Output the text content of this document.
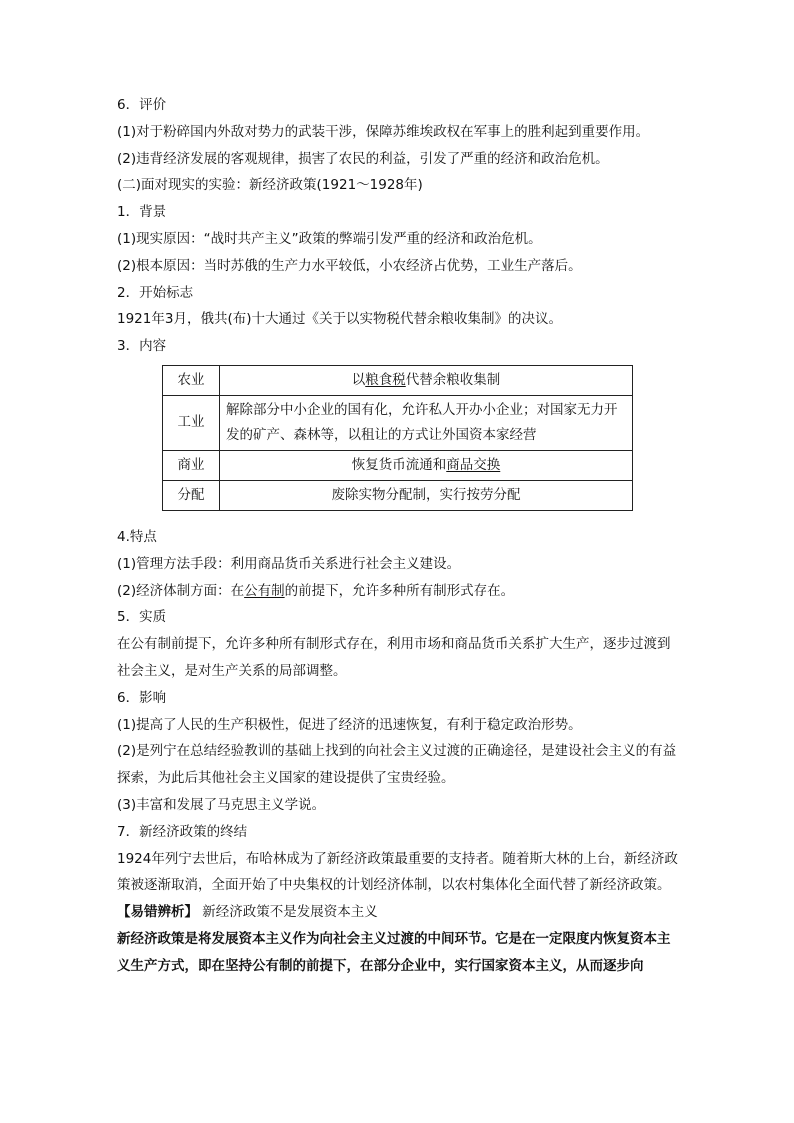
6．评价

(1)对于粉碎国内外敌对势力的武装干涉，保障苏维埃政权在军事上的胜利起到重要作用。

(2)违背经济发展的客观规律，损害了农民的利益，引发了严重的经济和政治危机。

(二)面对现实的实验：新经济政策(1921～1928年)

1．背景

(1)现实原因：“战时共产主义”政策的弊端引发严重的经济和政治危机。

(2)根本原因：当时苏俄的生产力水平较低，小农经济占优势，工业生产落后。

2．开始标志

1921年3月，俄共(布)十大通过《关于以实物税代替余粮收集制》的决议。

3．内容

农业	以粮食税代替余粮收集制
工业	解除部分中小企业的国有化，允许私人开办小企业；对国家无力开发的矿产、森林等，以租让的方式让外国资本家经营
商业	恢复货币流通和商品交换
分配	废除实物分配制，实行按劳分配

4.特点

(1)管理方法手段：利用商品货币关系进行社会主义建设。

(2)经济体制方面：在公有制的前提下，允许多种所有制形式存在。

5．实质

在公有制前提下，允许多种所有制形式存在，利用市场和商品货币关系扩大生产，逐步过渡到社会主义，是对生产关系的局部调整。

6．影响

(1)提高了人民的生产积极性，促进了经济的迅速恢复，有利于稳定政治形势。

(2)是列宁在总结经验教训的基础上找到的向社会主义过渡的正确途径，是建设社会主义的有益探索，为此后其他社会主义国家的建设提供了宝贵经验。

(3)丰富和发展了马克思主义学说。

7．新经济政策的终结

1924年列宁去世后，布哈林成为了新经济政策最重要的支持者。随着斯大林的上台，新经济政策被逐渐取消，全面开始了中央集权的计划经济体制，以农村集体化全面代替了新经济政策。

【易错辨析】 新经济政策不是发展资本主义

新经济政策是将发展资本主义作为向社会主义过渡的中间环节。它是在一定限度内恢复资本主义生产方式，即在坚持公有制的前提下，在部分企业中，实行国家资本主义，从而逐步向
